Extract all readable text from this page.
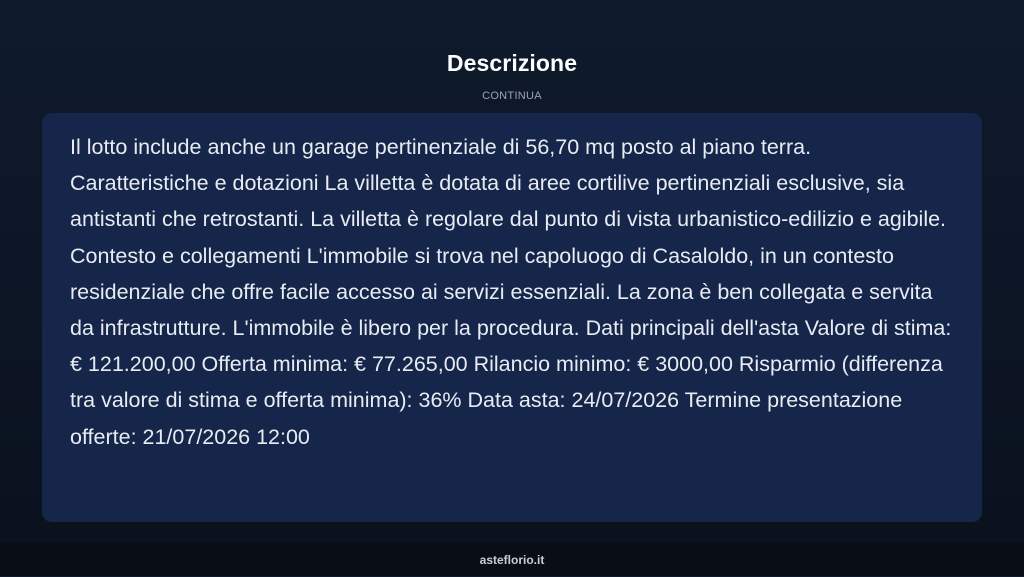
Descrizione
CONTINUA

Il lotto include anche un garage pertinenziale di 56,70 mq posto al piano terra. Caratteristiche e dotazioni La villetta è dotata di aree cortilive pertinenziali esclusive, sia antistanti che retrostanti. La villetta è regolare dal punto di vista urbanistico-edilizio e agibile. Contesto e collegamenti L'immobile si trova nel capoluogo di Casaloldo, in un contesto residenziale che offre facile accesso ai servizi essenziali. La zona è ben collegata e servita da infrastrutture. L'immobile è libero per la procedura. Dati principali dell'asta Valore di stima: € 121.200,00 Offerta minima: € 77.265,00 Rilancio minimo: € 3000,00 Risparmio (differenza tra valore di stima e offerta minima): 36% Data asta: 24/07/2026 Termine presentazione offerte: 21/07/2026 12:00

asteflorio.it
